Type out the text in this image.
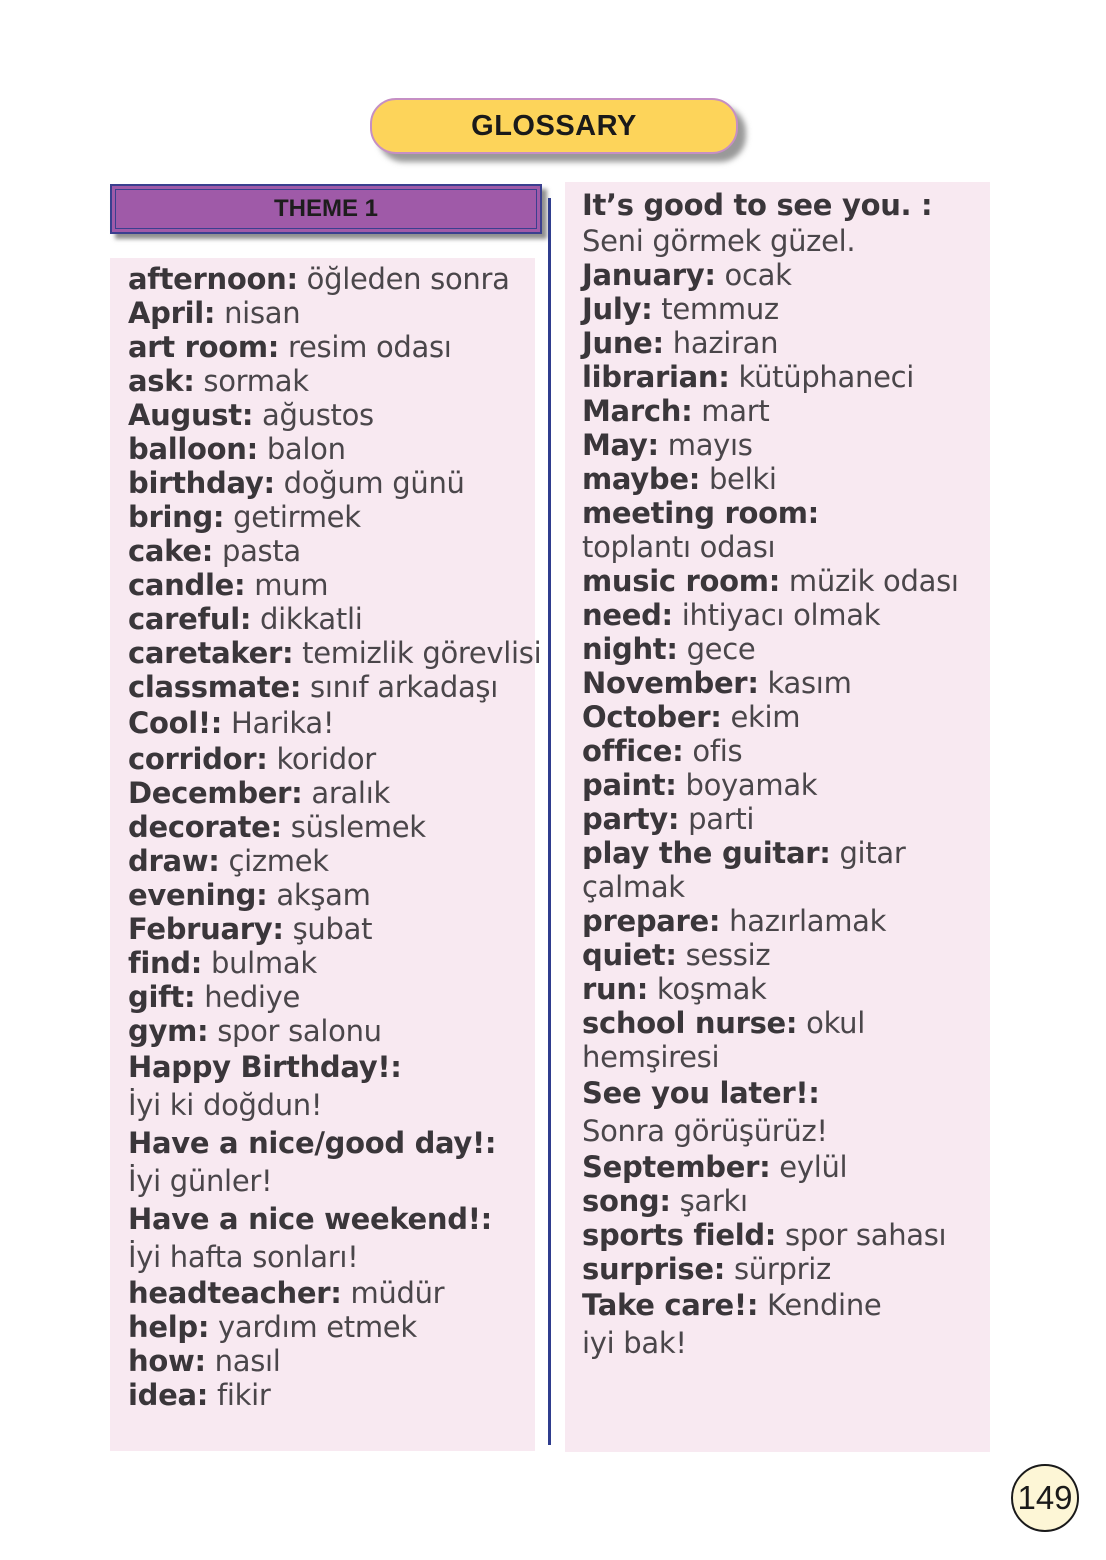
GLOSSARY
THEME 1
afternoon: öğleden sonra
April: nisan
art room: resim odası
ask: sormak
August: ağustos
balloon: balon
birthday: doğum günü
bring: getirmek
cake: pasta
candle: mum
careful: dikkatli
caretaker: temizlik görevlisi
classmate: sınıf arkadaşı
Cool!: Harika!
corridor: koridor
December: aralık
decorate: süslemek
draw: çizmek
evening: akşam
February: şubat
find: bulmak
gift: hediye
gym: spor salonu
Happy Birthday!:
İyi ki doğdun!
Have a nice/good day!:
İyi günler!
Have a nice weekend!:
İyi hafta sonları!
headteacher: müdür
help: yardım etmek
how: nasıl
idea: fikir
It’s good to see you. :
Seni görmek güzel.
January: ocak
July: temmuz
June: haziran
librarian: kütüphaneci
March: mart
May: mayıs
maybe: belki
meeting room:
toplantı odası
music room: müzik odası
need: ihtiyacı olmak
night: gece
November: kasım
October: ekim
office: ofis
paint: boyamak
party: parti
play the guitar: gitar
çalmak
prepare: hazırlamak
quiet: sessiz
run: koşmak
school nurse: okul
hemşiresi
See you later!:
Sonra görüşürüz!
September: eylül
song: şarkı
sports field: spor sahası
surprise: sürpriz
Take care!: Kendine
iyi bak!
149
